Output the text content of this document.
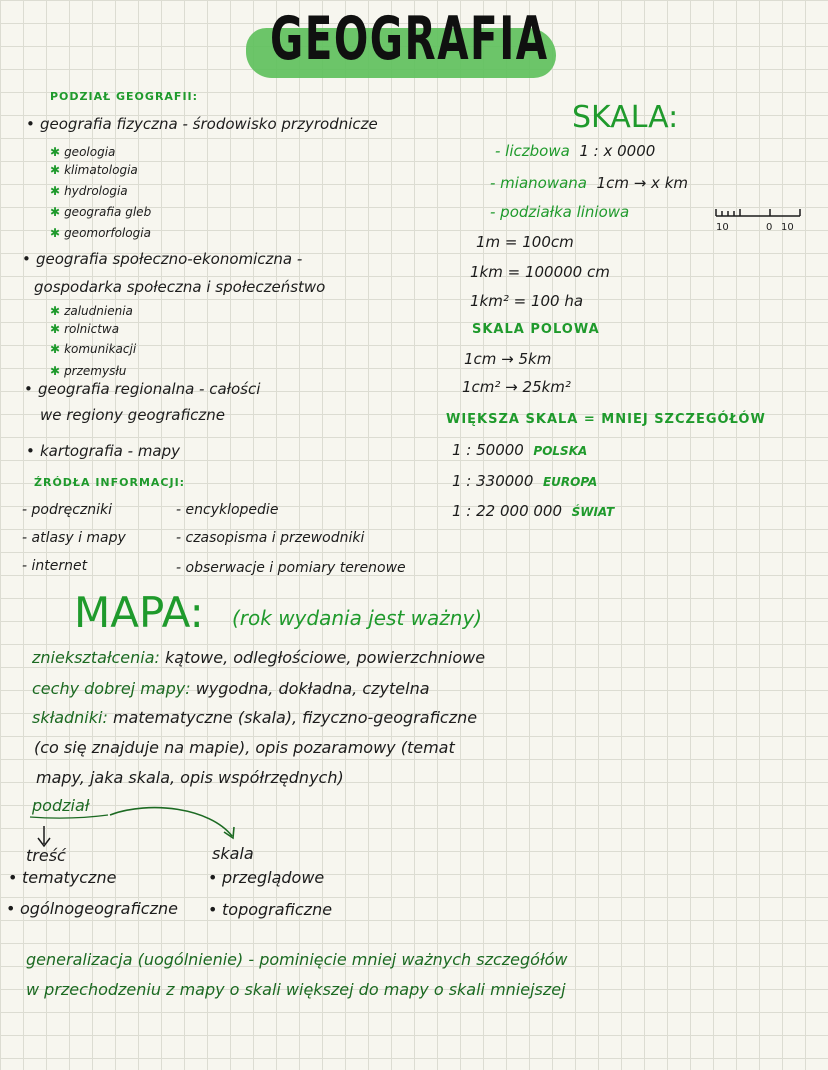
GEOGRAFIA
PODZIAŁ GEOGRAFII:
• geografia fizyczna - środowisko przyrodnicze
✱ geologia
✱ klimatologia
✱ hydrologia
✱ geografia gleb
✱ geomorfologia
• geografia społeczno-ekonomiczna -
gospodarka społeczna i społeczeństwo
✱ zaludnienia
✱ rolnictwa
✱ komunikacji
✱ przemysłu
• geografia regionalna - całości
we regiony geograficzne
• kartografia - mapy
ŹRÓDŁA INFORMACJI:
- podręczniki
- atlasy i mapy
- internet
- encyklopedie
- czasopisma i przewodniki
- obserwacje i pomiary terenowe
SKALA:
- liczbowa 1 : x 0000
- mianowana 1cm → x km
- podziałka liniowa
10	0 10
1m = 100cm
1km = 100000 cm
1km² = 100 ha
SKALA POLOWA
1cm → 5km
1cm² → 25km²
WIĘKSZA SKALA = MNIEJ SZCZEGÓŁÓW
1 : 50000 POLSKA
1 : 330000 EUROPA
1 : 22 000 000 ŚWIAT
MAPA: (rok wydania jest ważny)
zniekształcenia: kątowe, odległościowe, powierzchniowe
cechy dobrej mapy: wygodna, dokładna, czytelna
składniki: matematyczne (skala), fizyczno-geograficzne
(co się znajduje na mapie), opis pozaramowy (temat
mapy, jaka skala, opis współrzędnych)
podział
treść
• tematyczne
• ogólnogeograficzne
skala
• przeglądowe
• topograficzne
generalizacja (uogólnienie) - pominięcie mniej ważnych szczegółów
w przechodzeniu z mapy o skali większej do mapy o skali mniejszej
